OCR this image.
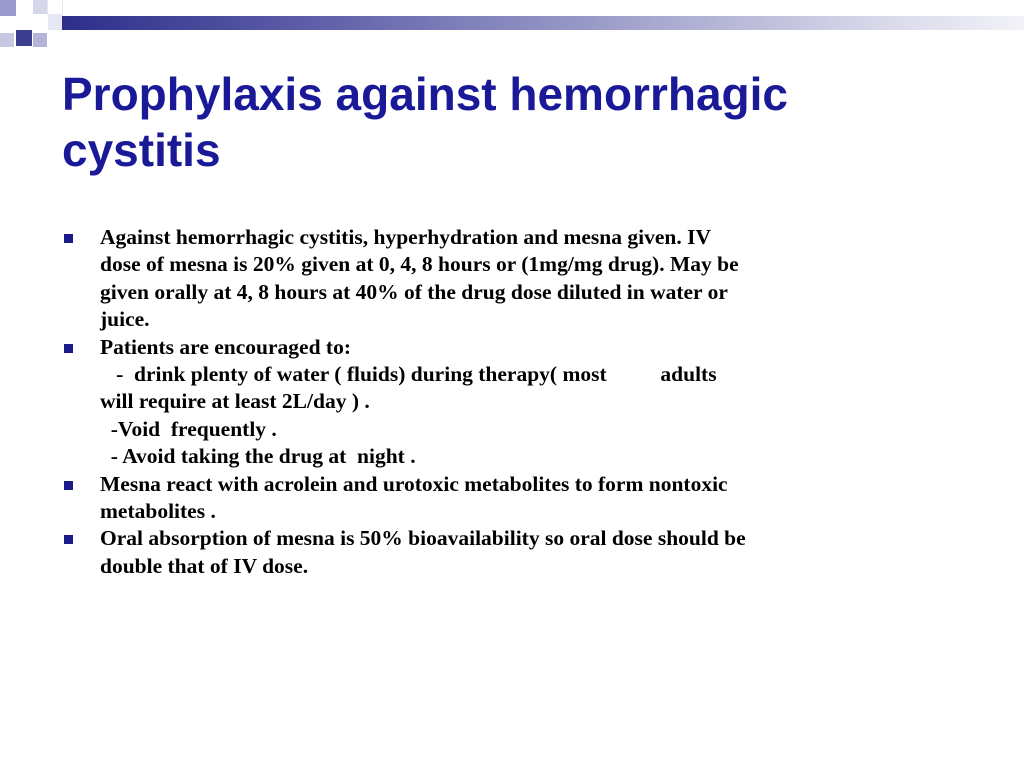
Prophylaxis against hemorrhagic
cystitis
Against hemorrhagic cystitis, hyperhydration and mesna given. IV
dose of mesna is 20% given at 0, 4, 8 hours or (1mg/mg drug). May be
given orally at 4, 8 hours at 40% of the drug dose diluted in water or
juice.
Patients are encouraged to:
-  drink plenty of water ( fluids) during therapy( most          adults
will require at least 2L/day ) .
-Void  frequently .
- Avoid taking the drug at  night .
Mesna react with acrolein and urotoxic metabolites to form nontoxic
metabolites .
Oral absorption of mesna is 50% bioavailability so oral dose should be
double that of IV dose.
